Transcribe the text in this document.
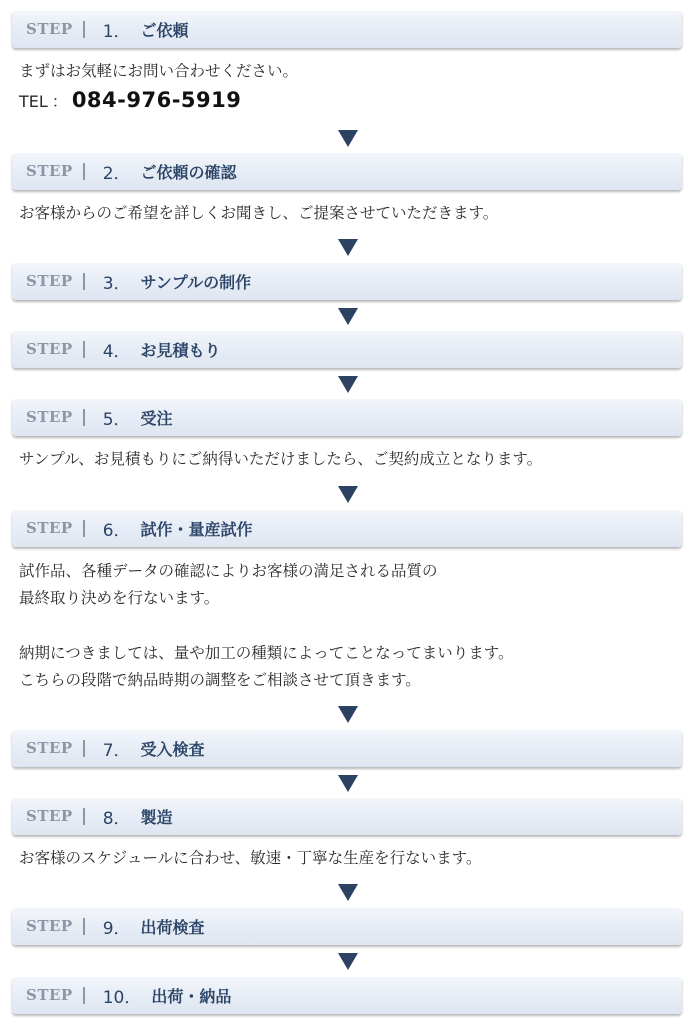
STEP 1． ご依頼
まずはお気軽にお問い合わせください。
TEL ： 084-976-5919
STEP 2． ご依頼の確認
お客様からのご希望を詳しくお聞きし、ご提案させていただきます。
STEP 3． サンプルの制作
STEP 4． お見積もり
STEP 5． 受注
サンプル、お見積もりにご納得いただけましたら、ご契約成立となります。
STEP 6． 試作・量産試作
試作品、各種データの確認によりお客様の満足される品質の
最終取り決めを行ないます。
納期につきましては、量や加工の種類によってことなってまいります。
こちらの段階で納品時期の調整をご相談させて頂きます。
STEP 7． 受入検査
STEP 8． 製造
お客様のスケジュールに合わせ、敏速・丁寧な生産を行ないます。
STEP 9． 出荷検査
STEP 10． 出荷・納品
